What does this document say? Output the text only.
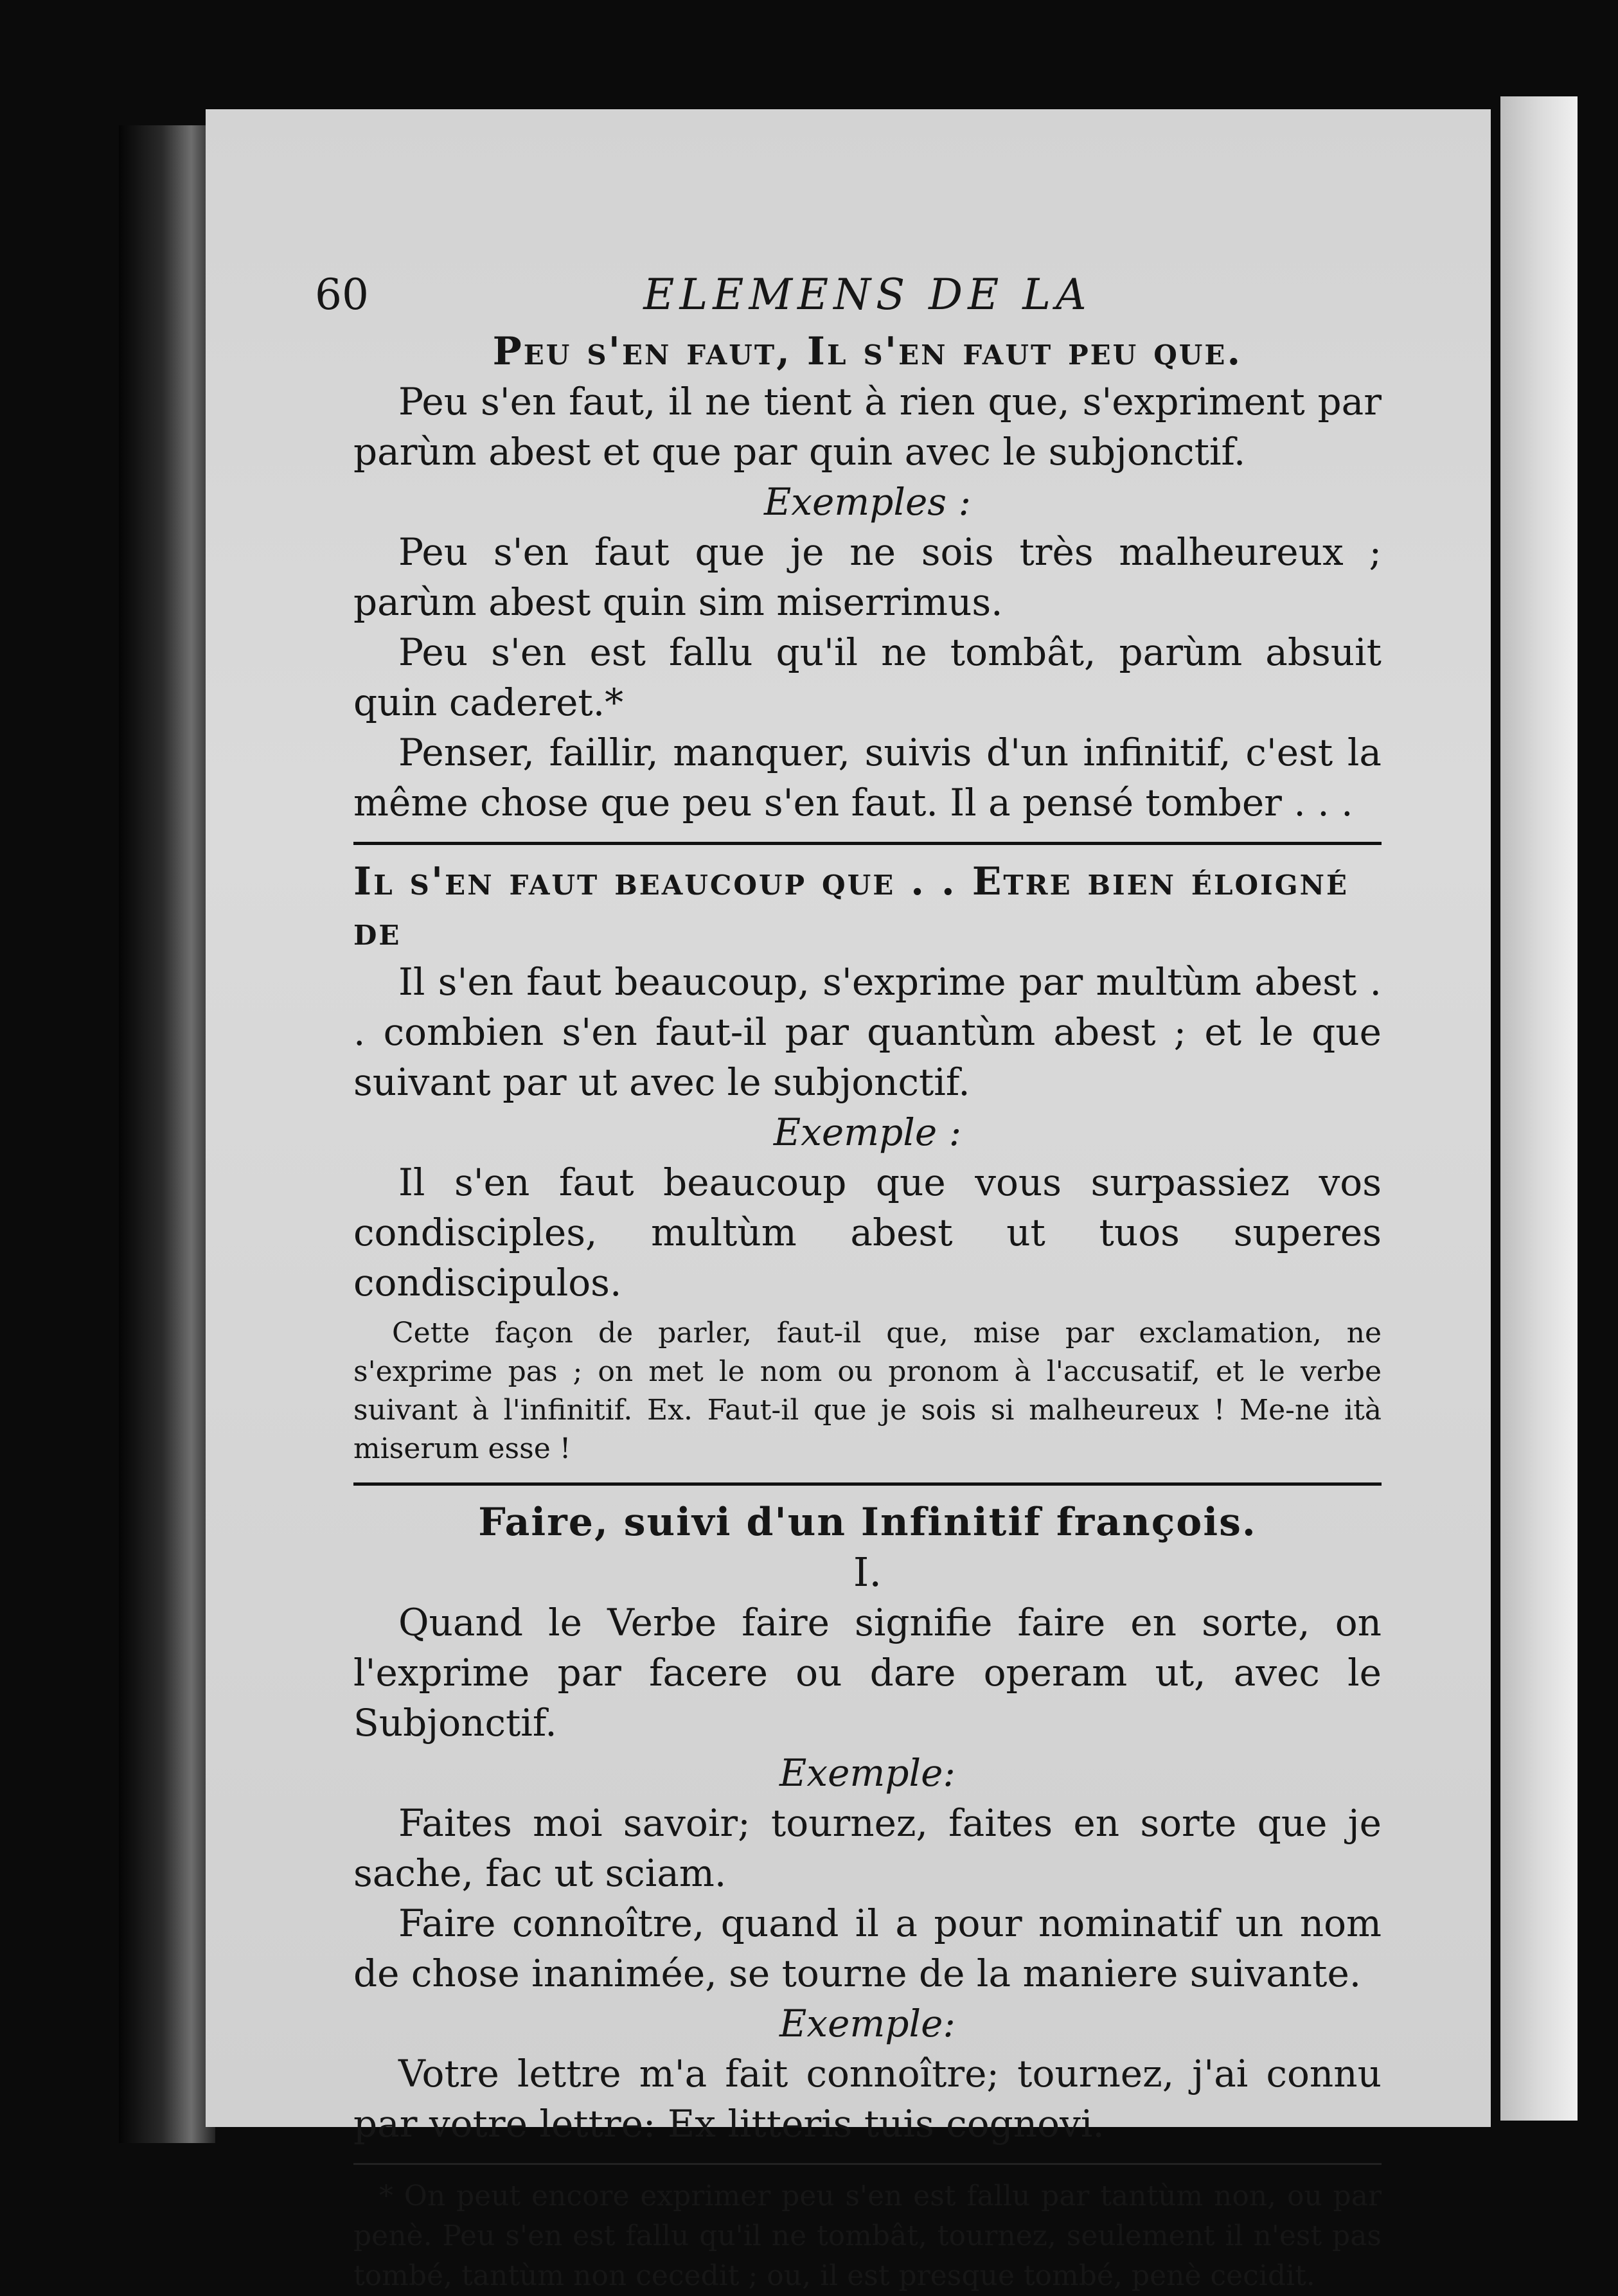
60	ELEMENS DE LA
Peu s'en faut, Il s'en faut peu que.

Peu s'en faut, il ne tient à rien que, s'expriment par parùm abest et que par quin avec le subjonctif.

Exemples :

Peu s'en faut que je ne sois très malheureux ; parùm abest quin sim miserrimus.

Peu s'en est fallu qu'il ne tombât, parùm absuit quin caderet.*

Penser, faillir, manquer, suivis d'un infinitif, c'est la même chose que peu s'en faut. Il a pensé tomber . . .

Il s'en faut beaucoup que . . Etre bien éloigné de

Il s'en faut beaucoup, s'exprime par multùm abest . . combien s'en faut-il par quantùm abest ; et le que suivant par ut avec le subjonctif.

Exemple :

Il s'en faut beaucoup que vous surpassiez vos condisciples, multùm abest ut tuos superes condiscipulos.

Cette façon de parler, faut-il que, mise par exclamation, ne s'exprime pas ; on met le nom ou pronom à l'accusatif, et le verbe suivant à l'infinitif. Ex. Faut-il que je sois si malheureux ! Me-ne ità miserum esse !

Faire, suivi d'un Infinitif françois.

I.

Quand le Verbe faire signifie faire en sorte, on l'exprime par facere ou dare operam ut, avec le Subjonctif.

Exemple:

Faites moi savoir; tournez, faites en sorte que je sache, fac ut sciam.

Faire connoître, quand il a pour nominatif un nom de chose inanimée, se tourne de la maniere suivante.

Exemple:

Votre lettre m'a fait connoître; tournez, j'ai connu par votre lettre: Ex litteris tuis cognovi.

* On peut encore exprimer peu s'en est fallu par tantùm non, ou par penè. Peu s'en est fallu qu'il ne tombât, tournez, seulement il n'est pas tombé, tantùm non cecedit ; ou, il est presque tombé, penè cecidit.
